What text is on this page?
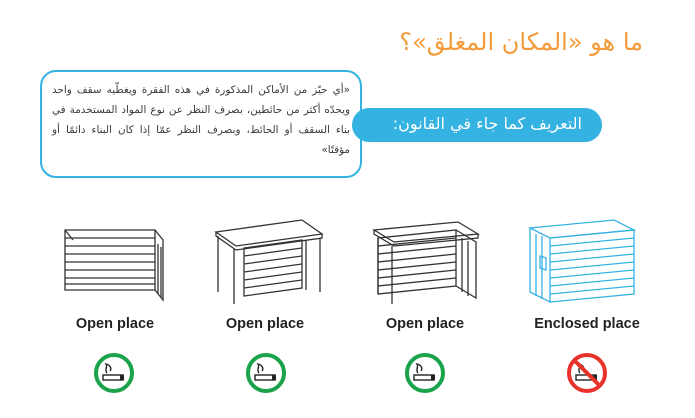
ما هو «المكان المغلق»؟
«أي حيّز من الأماكن المذكورة في هذه الفقرة ويغطّيه سقف واحد ويحدّه أكثر من حائطين، بصرف النظر عن نوع المواد المستخدمة في بناء السقف أو الحائط، وبصرف النظر عمّا إذا كان البناء دائمًا أو مؤقتًا»
التعريف كما جاء في القانون:
Open place	Open place	Open place	Enclosed place
